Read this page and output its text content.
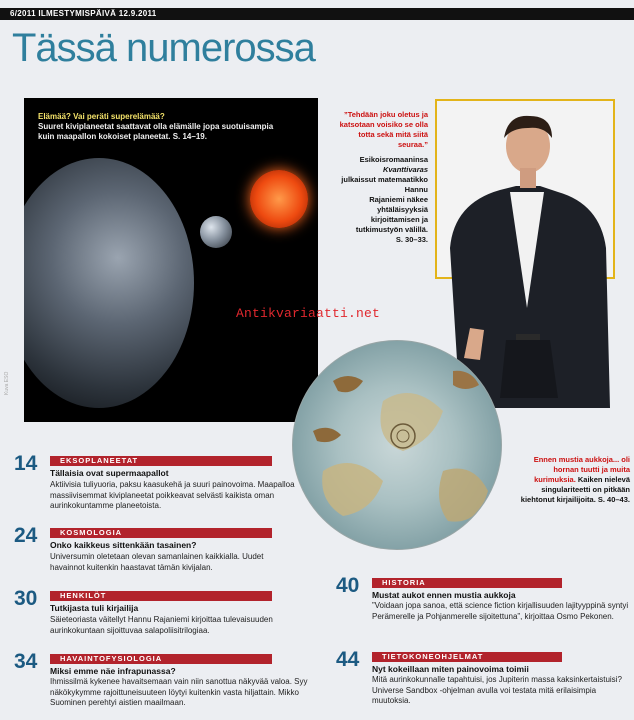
6/2011 ILMESTYMISPÄIVÄ 12.9.2011
Tässä numerossa
Elämää? Vai peräti superelämää?
Suuret kiviplaneetat saattavat olla elämälle jopa suotuisampia kuin maapallon kokoiset planeetat. S. 14–19.
Kuva ESO
”Tehdään joku oletus ja katsotaan voisiko se olla totta sekä mitä siitä seuraa.”
Esikoisromaaninsa
Kvanttivaras
julkaissut matemaatikko Hannu
Rajaniemi näkee
yhtäläisyyksiä
kirjoittamisen ja
tutkimustyön välillä.
S. 30–33.
Ennen mustia aukkoja... oli hornan tuutti ja muita kurimuksia. Kaiken nielevä singulariteetti on pitkään kiehtonut kirjailijoita. S. 40–43.
Antikvariaatti.net
14	EKSOPLANEETAT
Tällaisia ovat supermaapallot
Aktiivisia tuliyuoria, paksu kaasukehä ja suuri painovoima. Maapalloa massiivisemmat kiviplaneetat poikkeavat selvästi kaikista oman aurinkokuntamme planeetoista.
24	KOSMOLOGIA
Onko kaikkeus sittenkään tasainen?
Universumin oletetaan olevan samanlainen kaikkialla. Uudet havainnot kuitenkin haastavat tämän kivijalan.
30	HENKILÖT
Tutkijasta tuli kirjailija
Säieteoriasta väitellyt Hannu Rajaniemi kirjoittaa tulevaisuuden aurinkokuntaan sijoittuvaa salapoliisitrilogiaa.
34	HAVAINTOFYSIOLOGIA
Miksi emme näe infrapunassa?
Ihmissilmä kykenee havaitsemaan vain niin sanottua näkyvää valoa. Syy näkökykymme rajoittuneisuuteen löytyi kuitenkin vasta hiljattain. Mikko Suominen perehtyi aistien maailmaan.
40	HISTORIA
Mustat aukot ennen mustia aukkoja
”Voidaan jopa sanoa, että science fiction kirjallisuuden lajityyppinä syntyi Perämerelle ja Pohjanmerelle sijoitettuna”, kirjoittaa Osmo Pekonen.
44	TIETOKONEOHJELMAT
Nyt kokeillaan miten painovoima toimii
Mitä aurinkokunnalle tapahtuisi, jos Jupiterin massa kaksinkertaistuisi? Universe Sandbox -ohjelman avulla voi testata mitä erilaisimpia muutoksia.
